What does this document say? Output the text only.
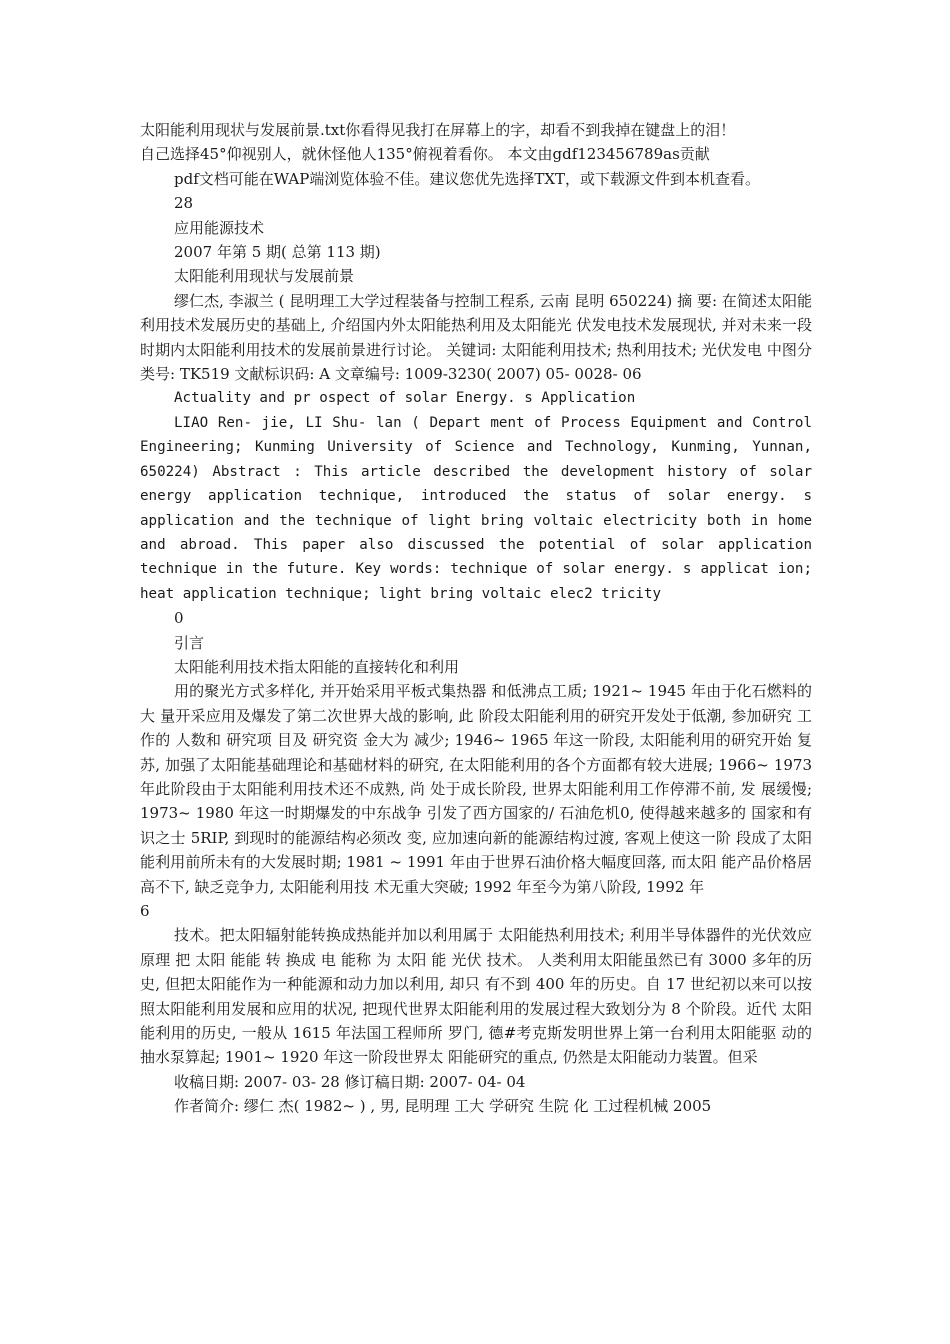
太阳能利用现状与发展前景.txt你看得见我打在屏幕上的字，却看不到我掉在键盘上的泪！
自己选择45°仰视别人，就休怪他人135°俯视着看你。 本文由gdf123456789as贡献

pdf文档可能在WAP端浏览体验不佳。建议您优先选择TXT，或下载源文件到本机查看。

28

应用能源技术

2007 年第 5 期( 总第 113 期)

太阳能利用现状与发展前景

缪仁杰, 李淑兰 ( 昆明理工大学过程装备与控制工程系, 云南 昆明 650224) 摘 要: 在简述太阳能利用技术发展历史的基础上, 介绍国内外太阳能热利用及太阳能光 伏发电技术发展现状, 并对未来一段时期内太阳能利用技术的发展前景进行讨论。 关键词: 太阳能利用技术; 热利用技术; 光伏发电 中图分类号: TK519 文献标识码: A 文章编号: 1009-3230( 2007) 05- 0028- 06

Actuality and pr ospect of solar Energy. s Application

LIAO Ren- jie, LI Shu- lan ( Depart ment of Process Equipment and Control Engineering; Kunming University of Science and Technology, Kunming, Yunnan, 650224) Abstract : This article described the development history of solar energy application technique, introduced the status of solar energy. s application and the technique of light bring voltaic electricity both in home and abroad. This paper also discussed the potential of solar application technique in the future. Key words: technique of solar energy. s applicat ion; heat application technique; light bring voltaic elec2 tricity

0

引言

太阳能利用技术指太阳能的直接转化和利用

用的聚光方式多样化, 并开始采用平板式集热器 和低沸点工质; 1921~ 1945 年由于化石燃料的大 量开采应用及爆发了第二次世界大战的影响, 此 阶段太阳能利用的研究开发处于低潮, 参加研究 工作的 人数和 研究项 目及 研究资 金大为 减少; 1946~ 1965 年这一阶段, 太阳能利用的研究开始 复苏, 加强了太阳能基础理论和基础材料的研究, 在太阳能利用的各个方面都有较大进展; 1966~ 1973 年此阶段由于太阳能利用技术还不成熟, 尚 处于成长阶段, 世界太阳能利用工作停滞不前, 发 展缓慢; 1973~ 1980 年这一时期爆发的中东战争 引发了西方国家的/ 石油危机0, 使得越来越多的 国家和有识之士 5RIP, 到现时的能源结构必须改 变, 应加速向新的能源结构过渡, 客观上使这一阶 段成了太阳能利用前所未有的大发展时期; 1981 ~ 1991 年由于世界石油价格大幅度回落, 而太阳 能产品价格居高不下, 缺乏竞争力, 太阳能利用技 术无重大突破; 1992 年至今为第八阶段, 1992 年

6

技术。把太阳辐射能转换成热能并加以利用属于 太阳能热利用技术; 利用半导体器件的光伏效应 原理 把 太阳 能能 转 换成 电 能称 为 太阳 能 光伏 技术。 人类利用太阳能虽然已有 3000 多年的历史, 但把太阳能作为一种能源和动力加以利用, 却只 有不到 400 年的历史。自 17 世纪初以来可以按 照太阳能利用发展和应用的状况, 把现代世界太阳能利用的发展过程大致划分为 8 个阶段。近代 太阳能利用的历史, 一般从 1615 年法国工程师所 罗门, 德#考克斯发明世界上第一台利用太阳能驱 动的抽水泵算起; 1901~ 1920 年这一阶段世界太 阳能研究的重点, 仍然是太阳能动力装置。但采

收稿日期: 2007- 03- 28 修订稿日期: 2007- 04- 04

作者简介: 缪仁 杰( 1982~ ) , 男, 昆明理 工大 学研究 生院 化 工过程机械 2005
